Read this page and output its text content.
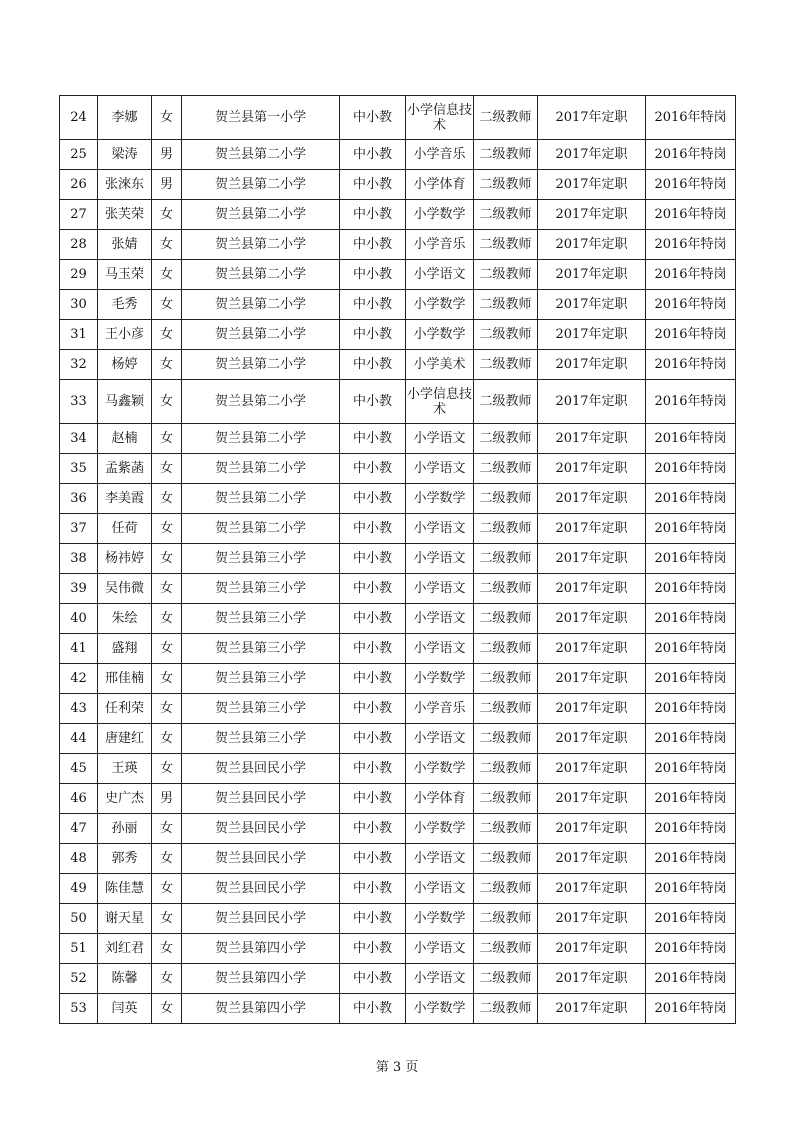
24	李娜	女	贺兰县第一小学	中小教	小学信息技术	二级教师	2017年定职	2016年特岗
25	梁涛	男	贺兰县第二小学	中小教	小学音乐	二级教师	2017年定职	2016年特岗
26	张淶东	男	贺兰县第二小学	中小教	小学体育	二级教师	2017年定职	2016年特岗
27	张芙荣	女	贺兰县第二小学	中小教	小学数学	二级教师	2017年定职	2016年特岗
28	张婧	女	贺兰县第二小学	中小教	小学音乐	二级教师	2017年定职	2016年特岗
29	马玉荣	女	贺兰县第二小学	中小教	小学语文	二级教师	2017年定职	2016年特岗
30	毛秀	女	贺兰县第二小学	中小教	小学数学	二级教师	2017年定职	2016年特岗
31	王小彦	女	贺兰县第二小学	中小教	小学数学	二级教师	2017年定职	2016年特岗
32	杨婷	女	贺兰县第二小学	中小教	小学美术	二级教师	2017年定职	2016年特岗
33	马鑫颖	女	贺兰县第二小学	中小教	小学信息技术	二级教师	2017年定职	2016年特岗
34	赵楠	女	贺兰县第二小学	中小教	小学语文	二级教师	2017年定职	2016年特岗
35	孟紫菡	女	贺兰县第二小学	中小教	小学语文	二级教师	2017年定职	2016年特岗
36	李美霞	女	贺兰县第二小学	中小教	小学数学	二级教师	2017年定职	2016年特岗
37	任荷	女	贺兰县第二小学	中小教	小学语文	二级教师	2017年定职	2016年特岗
38	杨祎婷	女	贺兰县第三小学	中小教	小学语文	二级教师	2017年定职	2016年特岗
39	吴伟微	女	贺兰县第三小学	中小教	小学语文	二级教师	2017年定职	2016年特岗
40	朱绘	女	贺兰县第三小学	中小教	小学语文	二级教师	2017年定职	2016年特岗
41	盛翔	女	贺兰县第三小学	中小教	小学语文	二级教师	2017年定职	2016年特岗
42	邢佳楠	女	贺兰县第三小学	中小教	小学数学	二级教师	2017年定职	2016年特岗
43	任利荣	女	贺兰县第三小学	中小教	小学音乐	二级教师	2017年定职	2016年特岗
44	唐建红	女	贺兰县第三小学	中小教	小学语文	二级教师	2017年定职	2016年特岗
45	王瑛	女	贺兰县回民小学	中小教	小学数学	二级教师	2017年定职	2016年特岗
46	史广杰	男	贺兰县回民小学	中小教	小学体育	二级教师	2017年定职	2016年特岗
47	孙丽	女	贺兰县回民小学	中小教	小学数学	二级教师	2017年定职	2016年特岗
48	郭秀	女	贺兰县回民小学	中小教	小学语文	二级教师	2017年定职	2016年特岗
49	陈佳慧	女	贺兰县回民小学	中小教	小学语文	二级教师	2017年定职	2016年特岗
50	谢天星	女	贺兰县回民小学	中小教	小学数学	二级教师	2017年定职	2016年特岗
51	刘红君	女	贺兰县第四小学	中小教	小学语文	二级教师	2017年定职	2016年特岗
52	陈馨	女	贺兰县第四小学	中小教	小学语文	二级教师	2017年定职	2016年特岗
53	闫英	女	贺兰县第四小学	中小教	小学数学	二级教师	2017年定职	2016年特岗
第 3 页
